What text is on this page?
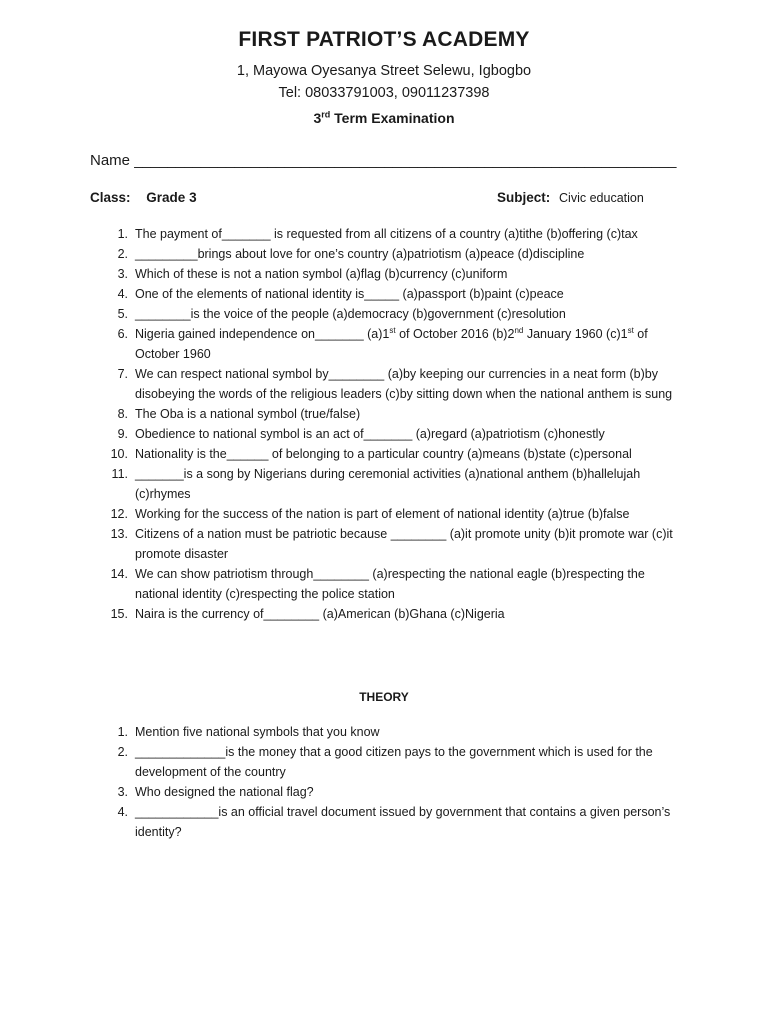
FIRST PATRIOT’S ACADEMY

1, Mayowa Oyesanya Street Selewu, Igbogbo

Tel: 08033791003, 09011237398

3rd Term Examination
Name _________________________________________________________________
Class: Grade 3	Subject: Civic education
1. The payment of_______ is requested from all citizens of a country (a)tithe (b)offering (c)tax
2. _________brings about love for one’s country (a)patriotism (a)peace (d)discipline
3. Which of these is not a nation symbol (a)flag (b)currency (c)uniform
4. One of the elements of national identity is_____ (a)passport (b)paint (c)peace
5. ________is the voice of the people (a)democracy (b)government (c)resolution
6. Nigeria gained independence on_______ (a)1st of October 2016 (b)2nd January 1960 (c)1st of October 1960
7. We can respect national symbol by________ (a)by keeping our currencies in a neat form (b)by disobeying the words of the religious leaders (c)by sitting down when the national anthem is sung
8. The Oba is a national symbol (true/false)
9. Obedience to national symbol is an act of_______ (a)regard (a)patriotism (c)honestly
10. Nationality is the______ of belonging to a particular country (a)means (b)state (c)personal
11. _______is a song by Nigerians during ceremonial activities (a)national anthem (b)hallelujah (c)rhymes
12. Working for the success of the nation is part of element of national identity (a)true (b)false
13. Citizens of a nation must be patriotic because ________ (a)it promote unity (b)it promote war (c)it promote disaster
14. We can show patriotism through________ (a)respecting the national eagle (b)respecting the national identity (c)respecting the police station
15. Naira is the currency of________ (a)American (b)Ghana (c)Nigeria
THEORY
1. Mention five national symbols that you know
2. _____________is the money that a good citizen pays to the government which is used for the development of the country
3. Who designed the national flag?
4. ____________is an official travel document issued by government that contains a given person’s identity?
